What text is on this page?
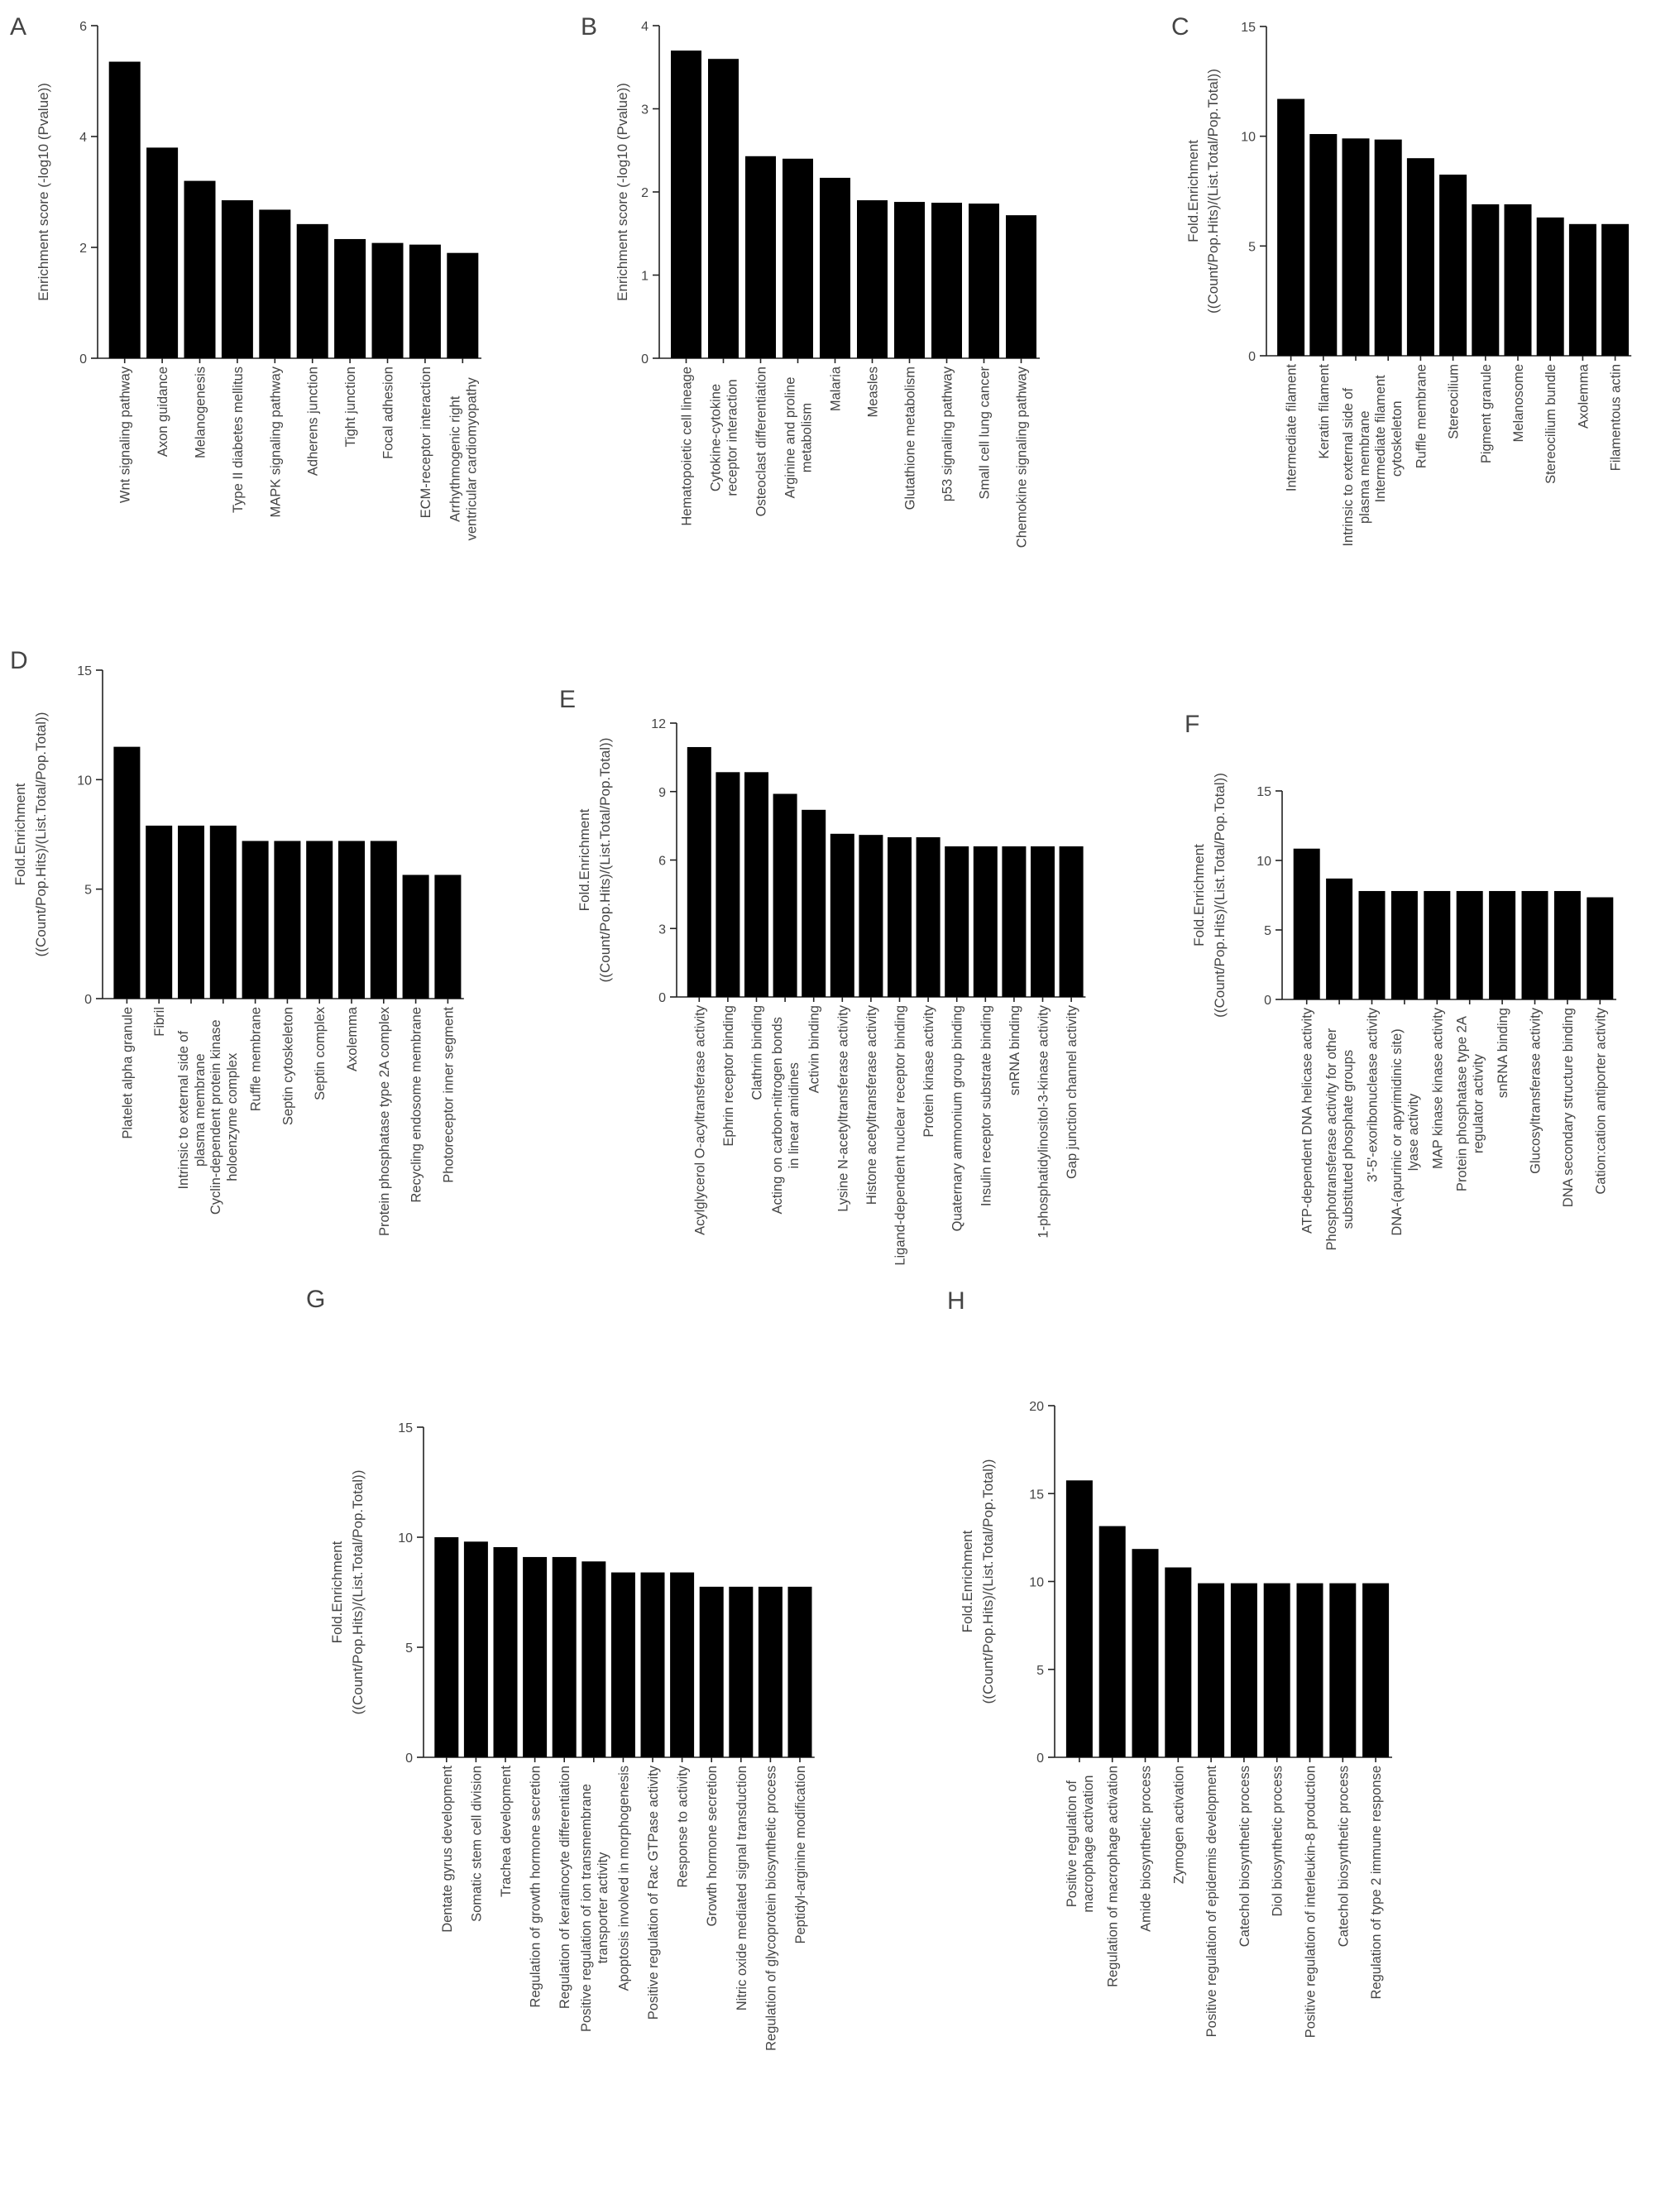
A
0
2
4
6
Enrichment score (-log10 (Pvalue))
Wnt signaling pathway Axon guidance Melanogenesis Type II diabetes mellitus MAPK signaling pathway Adherens junction Tight junction Focal adhesion ECM-receptor interaction Arrhythmogenic right ventricular cardiomyopathy
B
0
1
2
3
4
Enrichment score (-log10 (Pvalue))
Hematopoietic cell lineage Cytokine-cytokine receptor interaction Osteoclast differentiation Arginine and proline metabolism
Malaria Measles Glutathione metabolism p53 signaling pathway Small cell lung cancer Chemokine signaling pathway
C
0
5
10
15
Fold.Enrichment ((Count/Pop.Hits)/(List.Total/Pop.Total))
Intermediate filament Keratin filament Intrinsic to external side of plasma membrane Intermediate filament cytoskeleton Ruffle membrane Stereocilium Pigment granule Melanosome Stereocilium bundle Axolemma Filamentous actin
D
0
5
10
15
Fold.Enrichment ((Count/Pop.Hits)/(List.Total/Pop.Total))
Platelet alpha granule Fibril
Intrinsic to external side of plasma membrane Cyclin-dependent protein kinase holoenzyme complex Ruffle membrane Septin cytoskeleton Septin complex Axolemma Protein phosphatase type 2A complex Recycling endosome membrane Photoreceptor inner segment
E
0
3
6
9
12
Fold.Enrichment ((Count/Pop.Hits)/(List.Total/Pop.Total))
Acylglycerol O-acyltransferase activity Ephrin receptor binding Clathrin binding Acting on carbon-nitrogen bonds in linear amidines
Activin binding Lysine N-acetyltransferase activity Histone acetyltransferase activity Ligand-dependent nuclear receptor binding Protein kinase activity Quaternary ammonium group binding Insulin receptor substrate binding snRNA binding 1-phosphatidylinositol-3-kinase activity Gap junction channel activity
F
0
5
10
15
Fold.Enrichment ((Count/Pop.Hits)/(List.Total/Pop.Total))
ATP-dependent DNA helicase activity Phosphotransferase activity for other substituted phosphate groups 3'-5'-exoribonuclease activity DNA-(apurinic or apyrimidinic site) lyase activity MAP kinase kinase activity Protein phosphatase type 2A regulator activity
snRNA binding Glucosyltransferase activity DNA secondary structure binding Cation:cation antiporter activity
G
0
5
10
15
Fold.Enrichment ((Count/Pop.Hits)/(List.Total/Pop.Total))
Dentate gyrus development Somatic stem cell division Trachea development Regulation of growth hormone secretion Regulation of keratinocyte differentiation Positive regulation of ion transmembrane transporter activity Apoptosis involved in morphogenesis Positive regulation of Rac GTPase activity Response to activity Growth hormone secretion Nitric oxide mediated signal transduction Regulation of glycoprotein biosynthetic process Peptidyl-arginine modification
H
0
5
10
15
20
Fold.Enrichment ((Count/Pop.Hits)/(List.Total/Pop.Total))
Positive regulation of macrophage activation Regulation of macrophage activation Amide biosynthetic process Zymogen activation Positive regulation of epidermis development Catechol biosynthetic process Diol biosynthetic process Positive regulation of interleukin-8 production Catechol biosynthetic process Regulation of type 2 immune response
